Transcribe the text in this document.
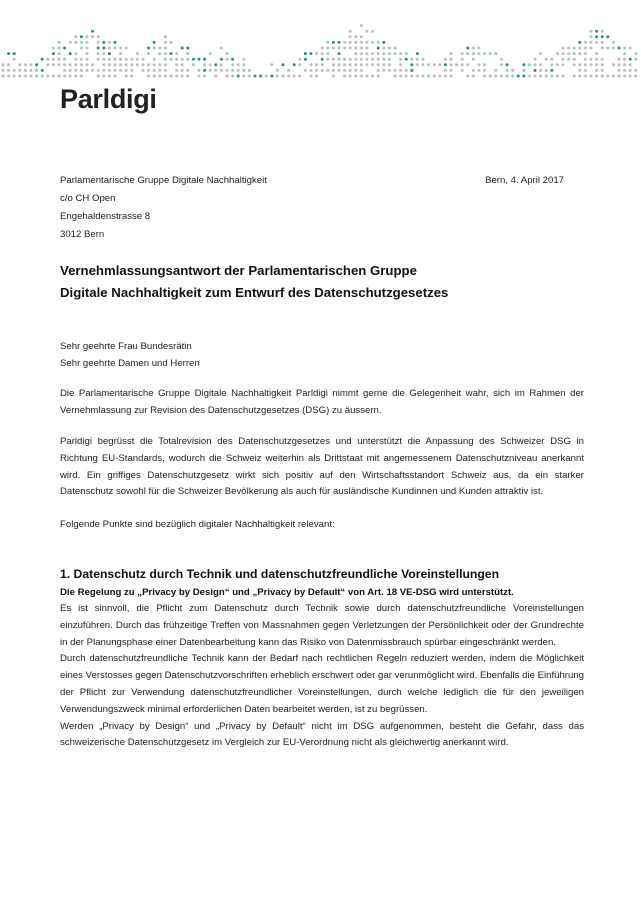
Parldigi
Parlamentarische Gruppe Digitale Nachhaltigkeit
c/o CH Open
Engehaldenstrasse 8
3012 Bern
Bern, 4. April 2017
Vernehmlassungsantwort der Parlamentarischen Gruppe
Digitale Nachhaltigkeit zum Entwurf des Datenschutzgesetzes
Sehr geehrte Frau Bundesrätin
Sehr geehrte Damen und Herren

Die Parlamentarische Gruppe Digitale Nachhaltigkeit Parldigi nimmt gerne die Gelegenheit wahr, sich im Rahmen der Vernehmlassung zur Revision des Datenschutzgesetzes (DSG) zu äussern.

Parldigi begrüsst die Totalrevision des Datenschutzgesetzes und unterstützt die Anpassung des Schweizer DSG in Richtung EU-Standards, wodurch die Schweiz weiterhin als Drittstaat mit angemessenem Datenschutzniveau anerkannt wird. Ein griffiges Datenschutzgesetz wirkt sich positiv auf den Wirtschaftsstandort Schweiz aus, da ein starker Datenschutz sowohl für die Schweizer Bevölkerung als auch für ausländische Kundinnen und Kunden attraktiv ist.

Folgende Punkte sind bezüglich digitaler Nachhaltigkeit relevant:

1. Datenschutz durch Technik und datenschutzfreundliche Voreinstellungen
Die Regelung zu „Privacy by Design“ und „Privacy by Default“ von Art. 18 VE-DSG wird unterstützt.

Es ist sinnvoll, die Pflicht zum Datenschutz durch Technik sowie durch datenschutzfreundliche Voreinstellungen einzuführen. Durch das frühzeitige Treffen von Massnahmen gegen Verletzungen der Persönlichkeit oder der Grundrechte in der Planungsphase einer Datenbearbeitung kann das Risiko von Datenmissbrauch spürbar eingeschränkt werden.

Durch datenschutzfreundliche Technik kann der Bedarf nach rechtlichen Regeln reduziert werden, indem die Möglichkeit eines Verstosses gegen Datenschutzvorschriften erheblich erschwert oder gar verunmöglicht wird. Ebenfalls die Einführung der Pflicht zur Verwendung datenschutzfreundlicher Voreinstellungen, durch welche lediglich die für den jeweiligen Verwendungszweck minimal erforderlichen Daten bearbeitet werden, ist zu begrüssen.

Werden „Privacy by Design“ und „Privacy by Default“ nicht im DSG aufgenommen, besteht die Gefahr, dass das schweizerische Datenschutzgesetz im Vergleich zur EU-Verordnung nicht als gleichwertig anerkannt wird.
